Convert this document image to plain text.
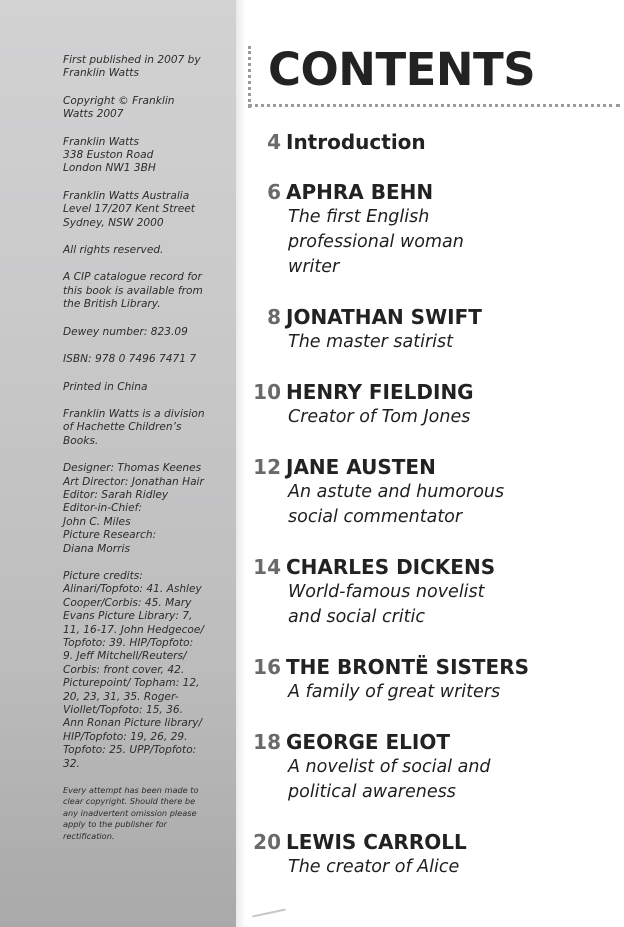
First published in 2007 by
Franklin Watts

Copyright © Franklin
Watts 2007

Franklin Watts
338 Euston Road
London NW1 3BH

Franklin Watts Australia
Level 17/207 Kent Street
Sydney, NSW 2000

All rights reserved.

A CIP catalogue record for
this book is available from
the British Library.

Dewey number: 823.09

ISBN: 978 0 7496 7471 7

Printed in China

Franklin Watts is a division
of Hachette Children’s
Books.

Designer: Thomas Keenes
Art Director: Jonathan Hair
Editor: Sarah Ridley
Editor-in-Chief:
John C. Miles
Picture Research:
Diana Morris

Picture credits:
Alinari/Topfoto: 41. Ashley
Cooper/Corbis: 45. Mary
Evans Picture Library: 7,
11, 16-17. John Hedgecoe/
Topfoto: 39. HIP/Topfoto:
9. Jeff Mitchell/Reuters/
Corbis: front cover, 42.
Picturepoint/ Topham: 12,
20, 23, 31, 35. Roger-
Viollet/Topfoto: 15, 36.
Ann Ronan Picture library/
HIP/Topfoto: 19, 26, 29.
Topfoto: 25. UPP/Topfoto:
32.

Every attempt has been made to
clear copyright. Should there be
any inadvertent omission please
apply to the publisher for
rectification.

CONTENTS
4 Introduction
6 APHRA BEHN
The first English
professional woman
writer
8 JONATHAN SWIFT
The master satirist
10 HENRY FIELDING
Creator of Tom Jones
12 JANE AUSTEN
An astute and humorous
social commentator
14 CHARLES DICKENS
World-famous novelist
and social critic
16 THE BRONTË SISTERS
A family of great writers
18 GEORGE ELIOT
A novelist of social and
political awareness
20 LEWIS CARROLL
The creator of Alice
